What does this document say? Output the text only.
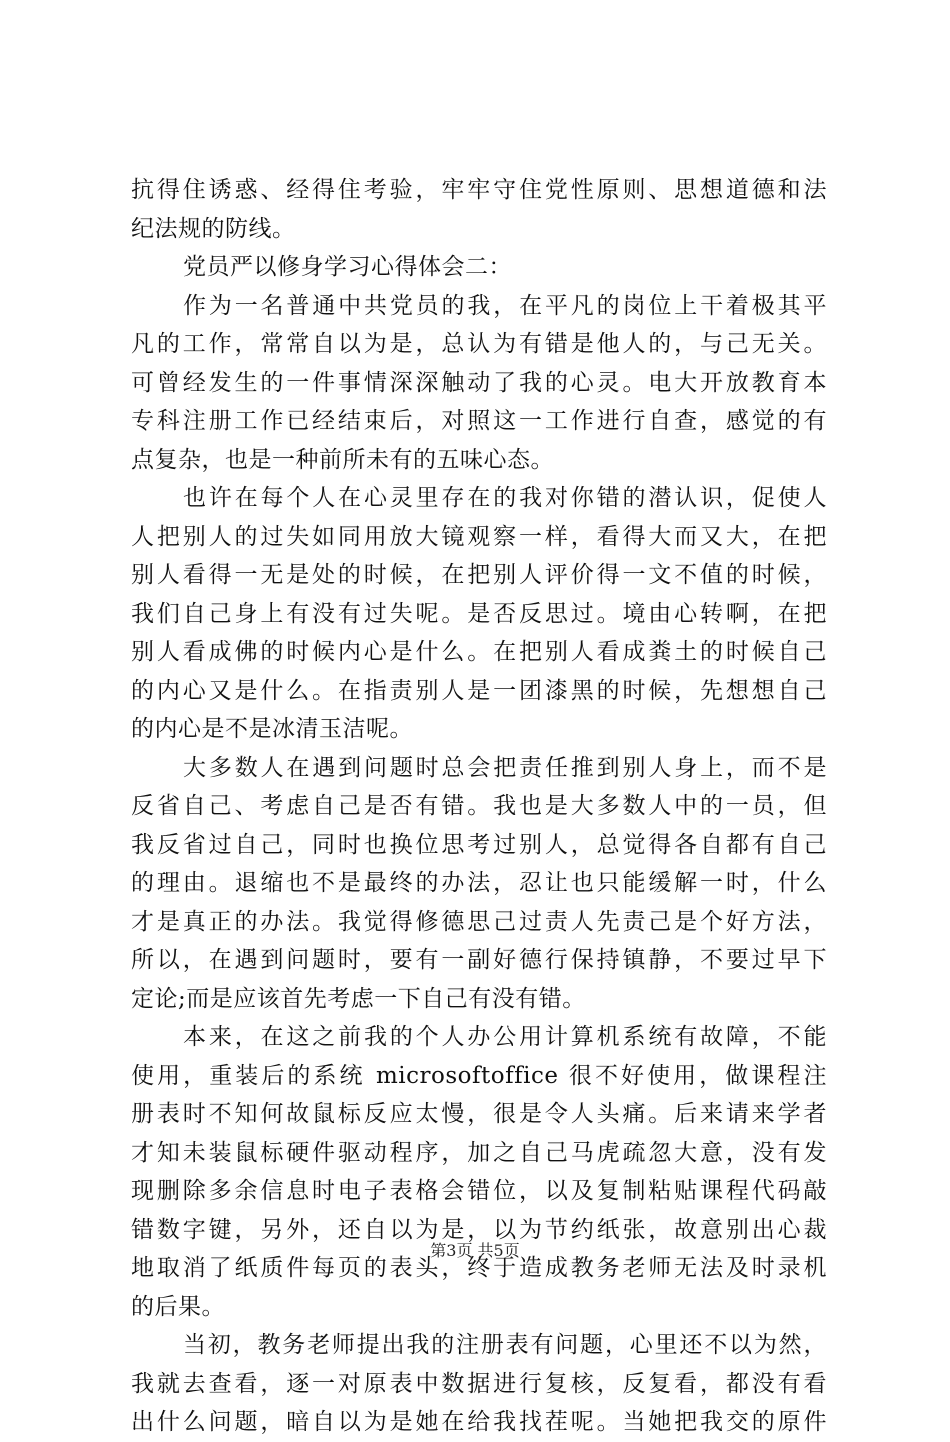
抗得住诱惑、经得住考验，牢牢守住党性原则、思想道德和法
纪法规的防线。
党员严以修身学习心得体会二：
作为一名普通中共党员的我，在平凡的岗位上干着极其平
凡的工作，常常自以为是，总认为有错是他人的，与己无关。
可曾经发生的一件事情深深触动了我的心灵。电大开放教育本
专科注册工作已经结束后，对照这一工作进行自查，感觉的有
点复杂，也是一种前所未有的五味心态。
也许在每个人在心灵里存在的我对你错的潜认识，促使人
人把别人的过失如同用放大镜观察一样，看得大而又大，在把
别人看得一无是处的时候，在把别人评价得一文不值的时候，
我们自己身上有没有过失呢。是否反思过。境由心转啊，在把
别人看成佛的时候内心是什么。在把别人看成粪土的时候自己
的内心又是什么。在指责别人是一团漆黑的时候，先想想自己
的内心是不是冰清玉洁呢。
大多数人在遇到问题时总会把责任推到别人身上，而不是
反省自己、考虑自己是否有错。我也是大多数人中的一员，但
我反省过自己，同时也换位思考过别人，总觉得各自都有自己
的理由。退缩也不是最终的办法，忍让也只能缓解一时，什么
才是真正的办法。我觉得修德思己过责人先责己是个好方法，
所以，在遇到问题时，要有一副好德行保持镇静，不要过早下
定论;而是应该首先考虑一下自己有没有错。
本来，在这之前我的个人办公用计算机系统有故障，不能
使用，重装后的系统 microsoftoffice 很不好使用，做课程注
册表时不知何故鼠标反应太慢，很是令人头痛。后来请来学者
才知未装鼠标硬件驱动程序，加之自己马虎疏忽大意，没有发
现删除多余信息时电子表格会错位，以及复制粘贴课程代码敲
错数字键，另外，还自以为是，以为节约纸张，故意别出心裁
地取消了纸质件每页的表头，终于造成教务老师无法及时录机
的后果。
当初，教务老师提出我的注册表有问题，心里还不以为然，
我就去查看，逐一对原表中数据进行复核，反复看，都没有看
出什么问题，暗自以为是她在给我找茬呢。当她把我交的原件
第3页 共5页
